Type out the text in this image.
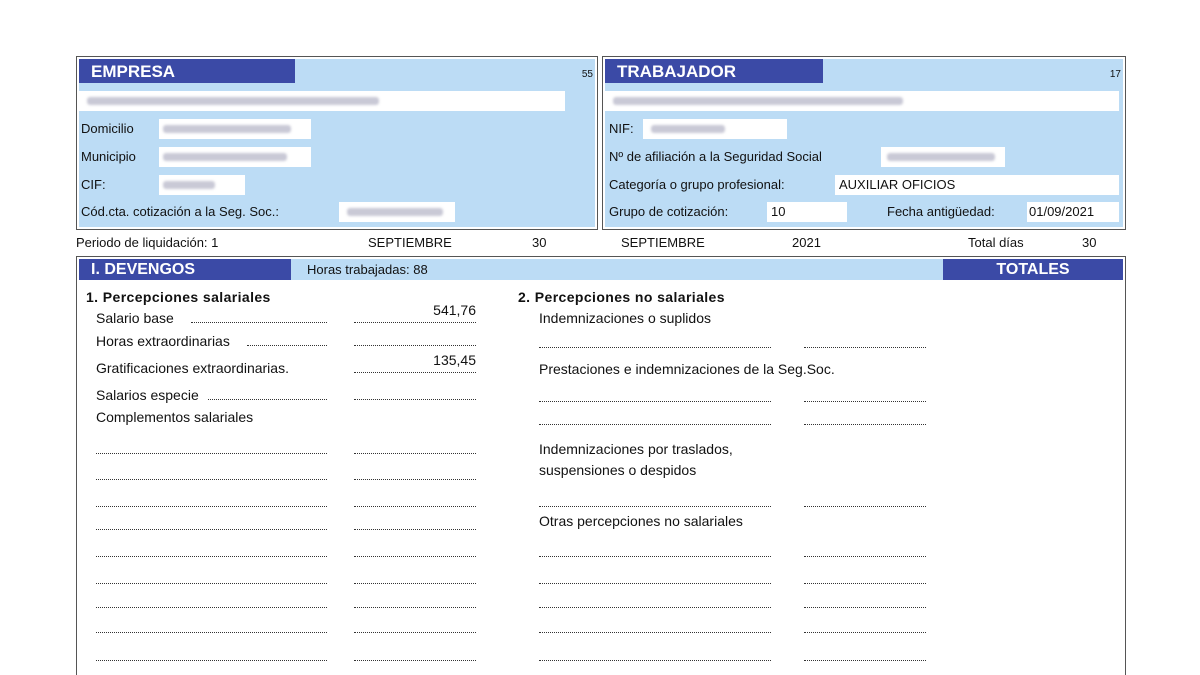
EMPRESA	55
Domicilio
Municipio
CIF:
Cód.cta. cotización a la Seg. Soc.:
TRABAJADOR	17
NIF:
Nº de afiliación a la Seguridad Social
Categoría o grupo profesional:	AUXILIAR OFICIOS
Grupo de cotización:	10	Fecha antigüedad:	01/09/2021
Periodo de liquidación: 1	SEPTIEMBRE	30	SEPTIEMBRE	2021	Total días	30
I. DEVENGOS	Horas trabajadas: 88	TOTALES
1. Percepciones salariales
Salario base	541,76
Horas extraordinarias
Gratificaciones extraordinarias.	135,45
Salarios especie
Complementos salariales
2. Percepciones no salariales
Indemnizaciones o suplidos
Prestaciones e indemnizaciones de la Seg.Soc.
Indemnizaciones por traslados,
suspensiones o despidos
Otras percepciones no salariales
